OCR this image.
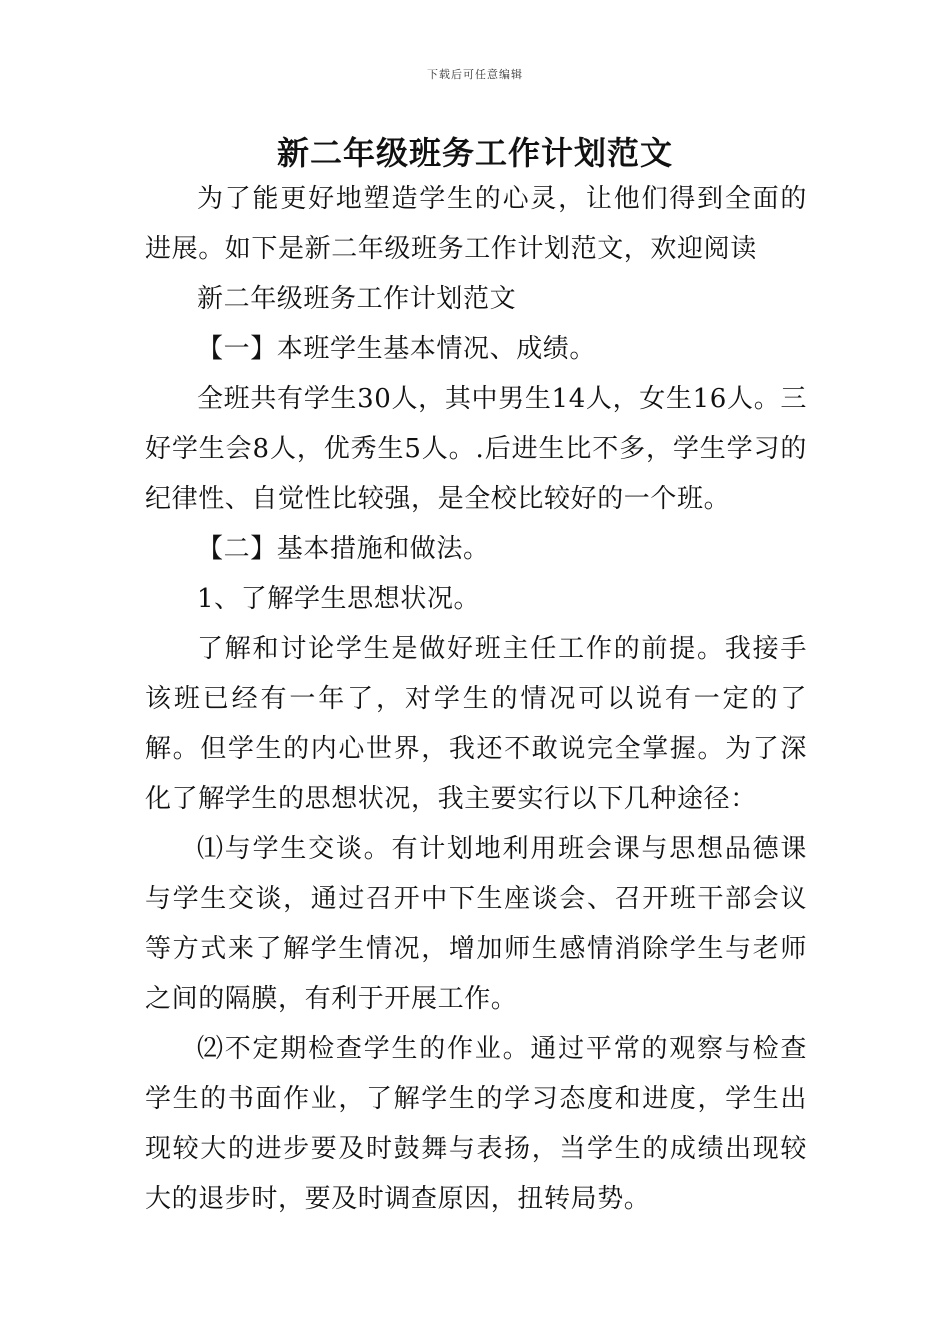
下载后可任意编辑
新二年级班务工作计划范文

为了能更好地塑造学生的心灵，让他们得到全面的进展。如下是新二年级班务工作计划范文，欢迎阅读

新二年级班务工作计划范文

【一】本班学生基本情况、成绩。

全班共有学生30人，其中男生14人，女生16人。三好学生会8人，优秀生5人。.后进生比不多，学生学习的纪律性、自觉性比较强，是全校比较好的一个班。

【二】基本措施和做法。

1、了解学生思想状况。

了解和讨论学生是做好班主任工作的前提。我接手该班已经有一年了，对学生的情况可以说有一定的了解。但学生的内心世界，我还不敢说完全掌握。为了深化了解学生的思想状况，我主要实行以下几种途径：

⑴与学生交谈。有计划地利用班会课与思想品德课与学生交谈，通过召开中下生座谈会、召开班干部会议等方式来了解学生情况，增加师生感情消除学生与老师之间的隔膜，有利于开展工作。

⑵不定期检查学生的作业。通过平常的观察与检查学生的书面作业，了解学生的学习态度和进度，学生出现较大的进步要及时鼓舞与表扬，当学生的成绩出现较大的退步时，要及时调查原因，扭转局势。
